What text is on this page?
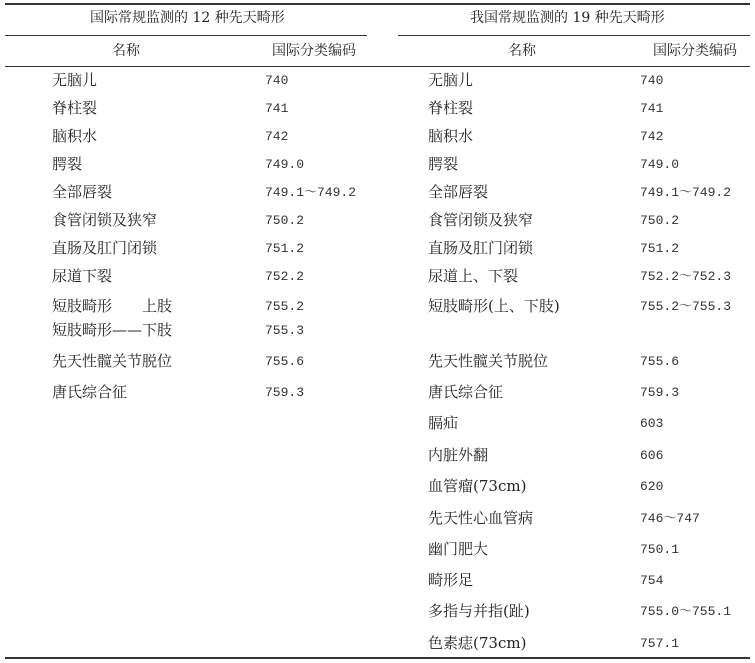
国际常规监测的 12 种先天畸形
名称	国际分类编码
我国常规监测的 19 种先天畸形
名称	国际分类编码
无脑儿	740
脊柱裂	741
脑积水	742
腭裂	749.0
全部唇裂	749.1～749.2
食管闭锁及狭窄	750.2
直肠及肛门闭锁	751.2
尿道下裂	752.2
短肢畸形　　上肢	755.2
短肢畸形——下肢	755.3
先天性髋关节脱位	755.6
唐氏综合征	759.3
无脑儿	740
脊柱裂	741
脑积水	742
腭裂	749.0
全部唇裂	749.1～749.2
食管闭锁及狭窄	750.2
直肠及肛门闭锁	751.2
尿道上、下裂	752.2～752.3
短肢畸形(上、下肢)	755.2～755.3
先天性髋关节脱位	755.6
唐氏综合征	759.3
膈疝	603
内脏外翻	606
血管瘤(73cm)	620
先天性心血管病	746～747
幽门肥大	750.1
畸形足	754
多指与并指(趾)	755.0～755.1
色素痣(73cm)	757.1
